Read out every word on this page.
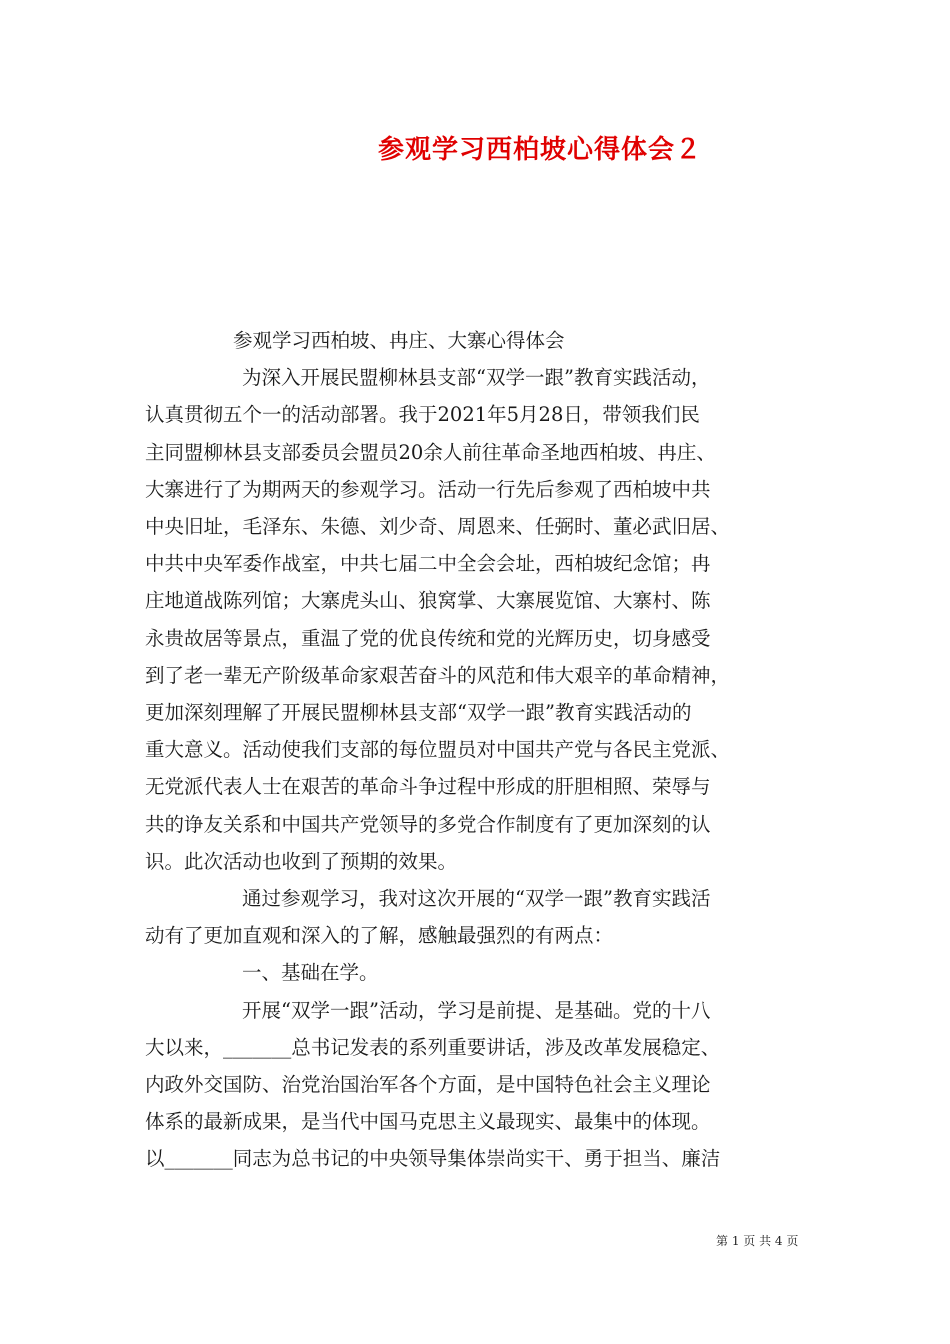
参观学习西柏坡心得体会２

参观学习西柏坡、冉庄、大寨心得体会

为深入开展民盟柳林县支部“双学一跟”教育实践活动，

认真贯彻五个一的活动部署。我于2021年5月28日，带领我们民

主同盟柳林县支部委员会盟员20余人前往革命圣地西柏坡、冉庄、

大寨进行了为期两天的参观学习。活动一行先后参观了西柏坡中共

中央旧址，毛泽东、朱德、刘少奇、周恩来、任弼时、董必武旧居、

中共中央军委作战室，中共七届二中全会会址，西柏坡纪念馆；冉

庄地道战陈列馆；大寨虎头山、狼窝掌、大寨展览馆、大寨村、陈

永贵故居等景点，重温了党的优良传统和党的光辉历史，切身感受

到了老一辈无产阶级革命家艰苦奋斗的风范和伟大艰辛的革命精神，

更加深刻理解了开展民盟柳林县支部“双学一跟”教育实践活动的

重大意义。活动使我们支部的每位盟员对中国共产党与各民主党派、

无党派代表人士在艰苦的革命斗争过程中形成的肝胆相照、荣辱与

共的诤友关系和中国共产党领导的多党合作制度有了更加深刻的认

识。此次活动也收到了预期的效果。

通过参观学习，我对这次开展的“双学一跟”教育实践活

动有了更加直观和深入的了解，感触最强烈的有两点：

一、基础在学。

开展“双学一跟”活动，学习是前提、是基础。党的十八

大以来，_______总书记发表的系列重要讲话，涉及改革发展稳定、

内政外交国防、治党治国治军各个方面，是中国特色社会主义理论

体系的最新成果，是当代中国马克思主义最现实、最集中的体现。

以_______同志为总书记的中央领导集体崇尚实干、勇于担当、廉洁

第 1 页 共 4 页
